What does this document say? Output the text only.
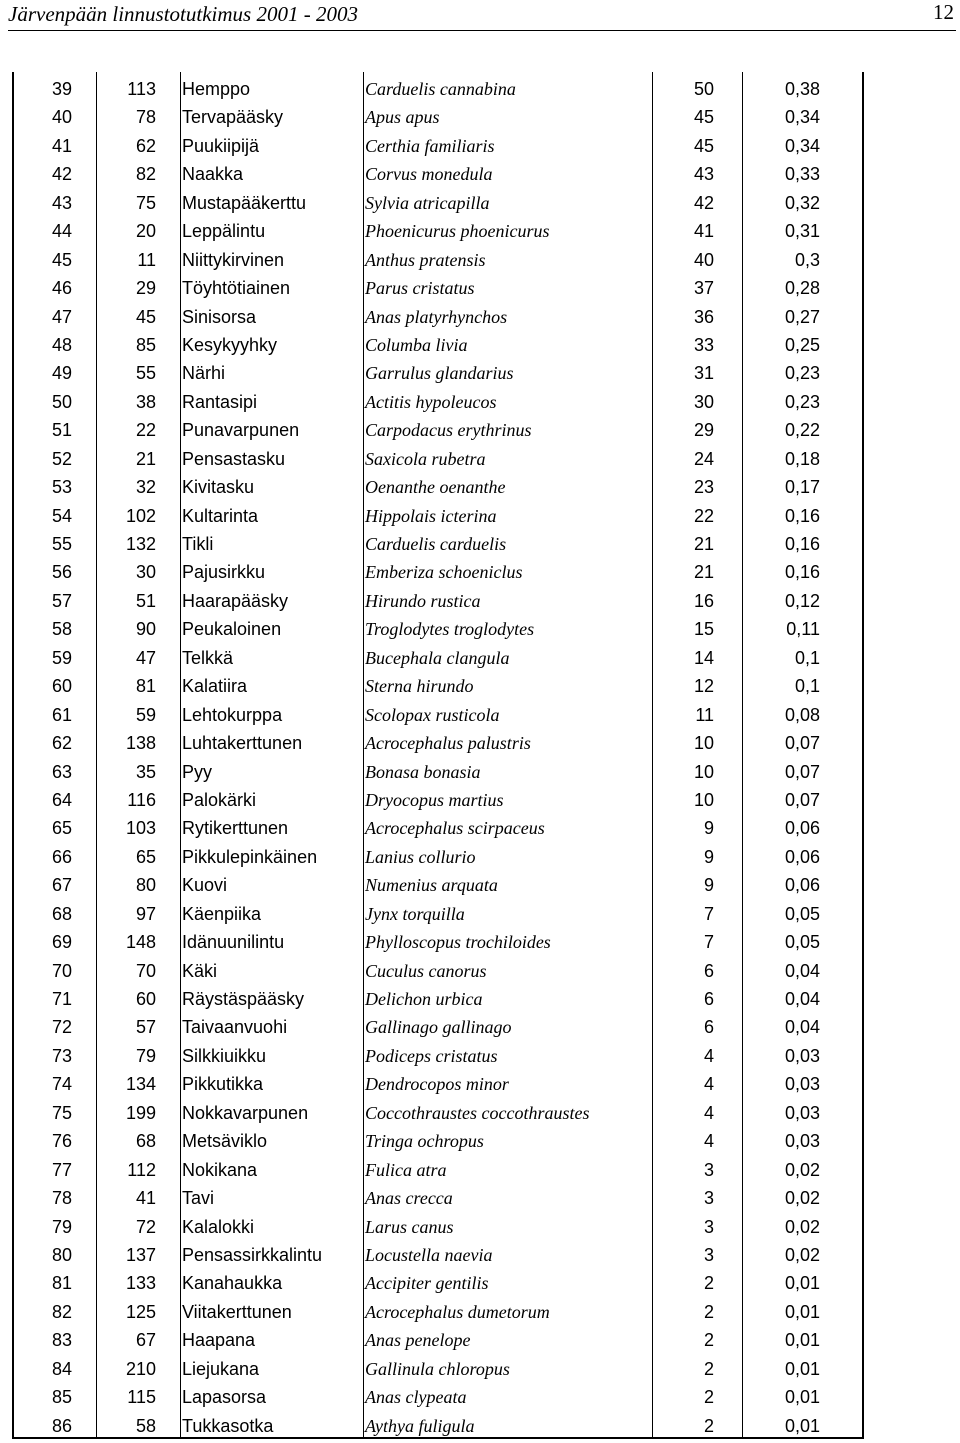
Järvenpään linnustotutkimus 2001 - 2003	12
39	113 Hemppo	Carduelis cannabina	50	0,38
40	78 Tervapääsky	Apus apus	45	0,34
41	62 Puukiipijä	Certhia familiaris	45	0,34
42	82 Naakka	Corvus monedula	43	0,33
43	75 Mustapääkerttu	Sylvia atricapilla	42	0,32
44	20 Leppälintu	Phoenicurus phoenicurus	41	0,31
45	11 Niittykirvinen	Anthus pratensis	40	0,3
46	29 Töyhtötiainen	Parus cristatus	37	0,28
47	45 Sinisorsa	Anas platyrhynchos	36	0,27
48	85 Kesykyyhky	Columba livia	33	0,25
49	55 Närhi	Garrulus glandarius	31	0,23
50	38 Rantasipi	Actitis hypoleucos	30	0,23
51	22 Punavarpunen	Carpodacus erythrinus	29	0,22
52	21 Pensastasku	Saxicola rubetra	24	0,18
53	32 Kivitasku	Oenanthe oenanthe	23	0,17
54	102 Kultarinta	Hippolais icterina	22	0,16
55	132 Tikli	Carduelis carduelis	21	0,16
56	30 Pajusirkku	Emberiza schoeniclus	21	0,16
57	51 Haarapääsky	Hirundo rustica	16	0,12
58	90 Peukaloinen	Troglodytes troglodytes	15	0,11
59	47 Telkkä	Bucephala clangula	14	0,1
60	81 Kalatiira	Sterna hirundo	12	0,1
61	59 Lehtokurppa	Scolopax rusticola	11	0,08
62	138 Luhtakerttunen	Acrocephalus palustris	10	0,07
63	35 Pyy	Bonasa bonasia	10	0,07
64	116 Palokärki	Dryocopus martius	10	0,07
65	103 Rytikerttunen	Acrocephalus scirpaceus	9	0,06
66	65 Pikkulepinkäinen	Lanius collurio	9	0,06
67	80 Kuovi	Numenius arquata	9	0,06
68	97 Käenpiika	Jynx torquilla	7	0,05
69	148 Idänuunilintu	Phylloscopus trochiloides	7	0,05
70	70 Käki	Cuculus canorus	6	0,04
71	60 Räystäspääsky	Delichon urbica	6	0,04
72	57 Taivaanvuohi	Gallinago gallinago	6	0,04
73	79 Silkkiuikku	Podiceps cristatus	4	0,03
74	134 Pikkutikka	Dendrocopos minor	4	0,03
75	199 Nokkavarpunen	Coccothraustes coccothraustes	4	0,03
76	68 Metsäviklo	Tringa ochropus	4	0,03
77	112 Nokikana	Fulica atra	3	0,02
78	41 Tavi	Anas crecca	3	0,02
79	72 Kalalokki	Larus canus	3	0,02
80	137 Pensassirkkalintu	Locustella naevia	3	0,02
81	133 Kanahaukka	Accipiter gentilis	2	0,01
82	125 Viitakerttunen	Acrocephalus dumetorum	2	0,01
83	67 Haapana	Anas penelope	2	0,01
84	210 Liejukana	Gallinula chloropus	2	0,01
85	115 Lapasorsa	Anas clypeata	2	0,01
86	58 Tukkasotka	Aythya fuligula	2	0,01
